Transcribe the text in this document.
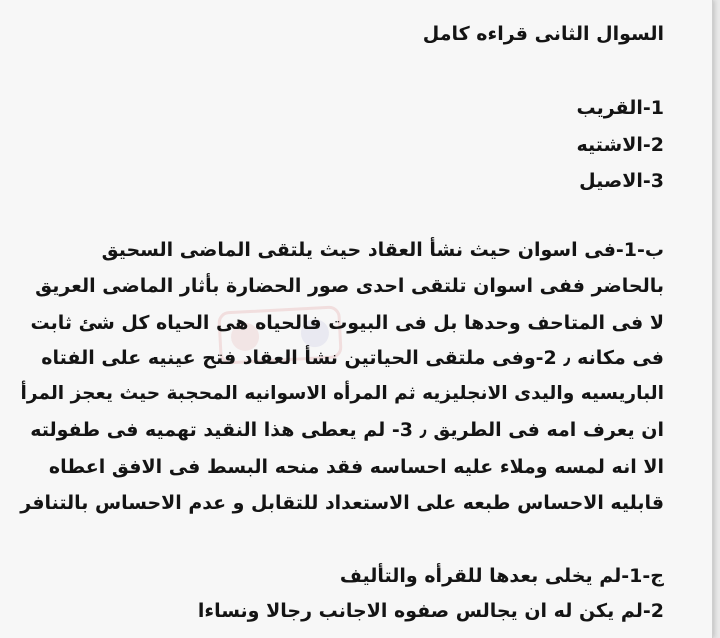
السوال الثانى قراءه كامل
1-القريب
2-الاشتيه
3-الاصيل
ب-1-فى اسوان حيث نشأ العقاد حيث يلتقى الماضى السحيق
بالحاضر ففى اسوان تلتقى احدى صور الحضارة بأثار الماضى العريق
لا فى المتاحف وحدها بل فى البيوت فالحياه هى الحياه كل شئ ثابت
فى مكانه ٫ 2-وفى ملتقى الحياتين نشأ العقاد فتح عينيه على الفتاه
الباريسيه واليدى الانجليزيه ثم المرأه الاسوانيه المحجبة حيث يعجز المرأ
ان يعرف امه فى الطريق ٫ 3- لم يعطى هذا النقيد تهميه فى طفولته
الا انه لمسه وملاء عليه احساسه فقد منحه البسط فى الافق اعطاه
قابليه الاحساس طبعه على الاستعداد للتقابل و عدم الاحساس بالتنافر
ج-1-لم يخلى بعدها للقرأه والتأليف
2-لم يكن له ان يجالس صفوه الاجانب رجالا ونساءا
